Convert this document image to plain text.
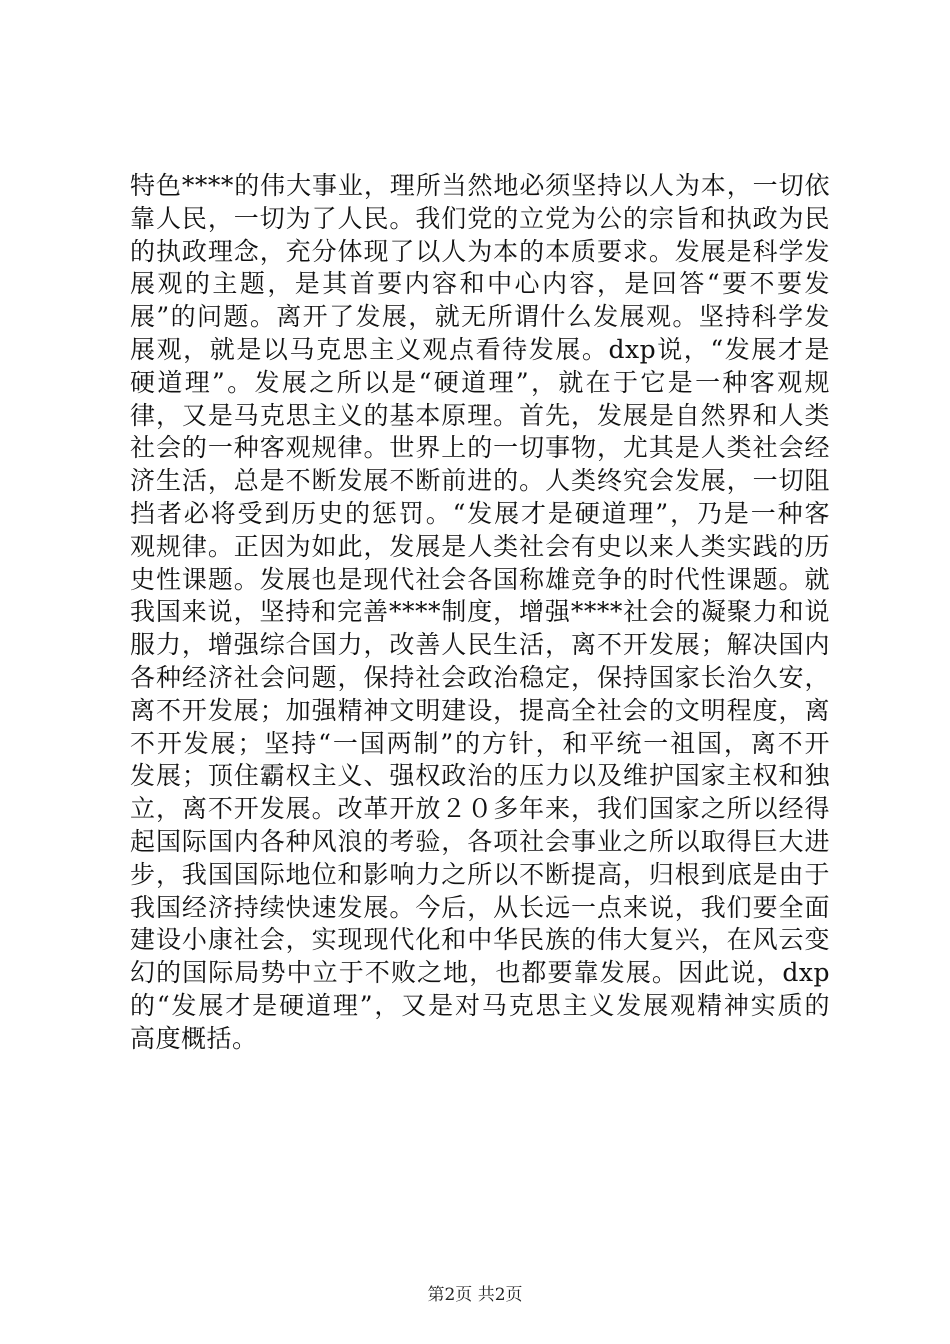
特色****的伟大事业，理所当然地必须坚持以人为本，一切依
靠人民，一切为了人民。我们党的立党为公的宗旨和执政为民
的执政理念，充分体现了以人为本的本质要求。发展是科学发
展观的主题，是其首要内容和中心内容，是回答“要不要发
展”的问题。离开了发展，就无所谓什么发展观。坚持科学发
展观，就是以马克思主义观点看待发展。dxp说，“发展才是
硬道理”。发展之所以是“硬道理”，就在于它是一种客观规
律，又是马克思主义的基本原理。首先，发展是自然界和人类
社会的一种客观规律。世界上的一切事物，尤其是人类社会经
济生活，总是不断发展不断前进的。人类终究会发展，一切阻
挡者必将受到历史的惩罚。“发展才是硬道理”，乃是一种客
观规律。正因为如此，发展是人类社会有史以来人类实践的历
史性课题。发展也是现代社会各国称雄竞争的时代性课题。就
我国来说，坚持和完善****制度，增强****社会的凝聚力和说
服力，增强综合国力，改善人民生活，离不开发展；解决国内
各种经济社会问题，保持社会政治稳定，保持国家长治久安，
离不开发展；加强精神文明建设，提高全社会的文明程度，离
不开发展；坚持“一国两制”的方针，和平统一祖国，离不开
发展；顶住霸权主义、强权政治的压力以及维护国家主权和独
立，离不开发展。改革开放２０多年来，我们国家之所以经得
起国际国内各种风浪的考验，各项社会事业之所以取得巨大进
步，我国国际地位和影响力之所以不断提高，归根到底是由于
我国经济持续快速发展。今后，从长远一点来说，我们要全面
建设小康社会，实现现代化和中华民族的伟大复兴，在风云变
幻的国际局势中立于不败之地，也都要靠发展。因此说，dxp
的“发展才是硬道理”，又是对马克思主义发展观精神实质的
高度概括。
第2页 共2页
